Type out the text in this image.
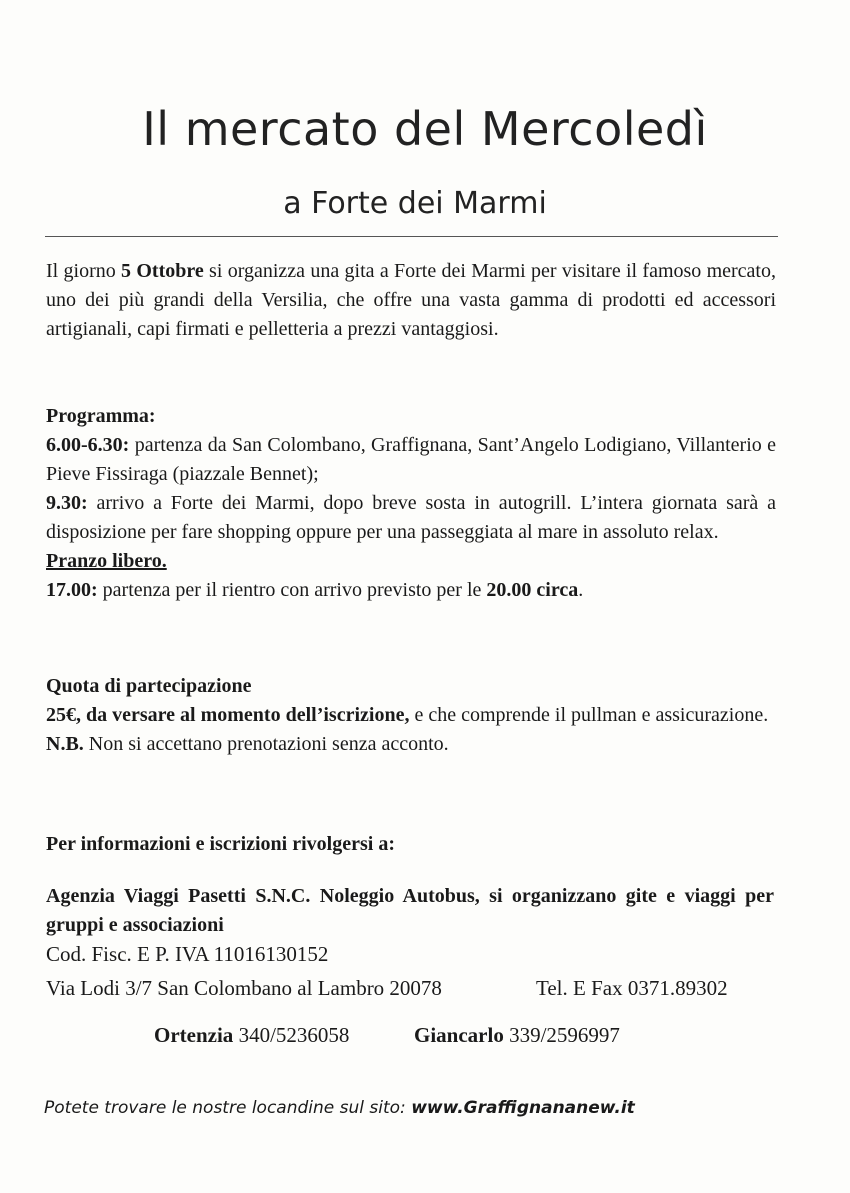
Il mercato del Mercoledì
a Forte dei Marmi
Il giorno 5 Ottobre si organizza una gita a Forte dei Marmi per visitare il famoso mercato, uno dei più grandi della Versilia, che offre una vasta gamma di prodotti ed accessori artigianali, capi firmati e pelletteria a prezzi vantaggiosi.
Programma:
6.00-6.30: partenza da San Colombano, Graffignana, Sant’Angelo Lodigiano, Villanterio e Pieve Fissiraga (piazzale Bennet);
9.30: arrivo a Forte dei Marmi, dopo breve sosta in autogrill. L’intera giornata sarà a disposizione per fare shopping oppure per una passeggiata al mare in assoluto relax.
Pranzo libero.
17.00: partenza per il rientro con arrivo previsto per le 20.00 circa.
Quota di partecipazione
25€, da versare al momento dell’iscrizione, e che comprende il pullman e assicurazione.
N.B. Non si accettano prenotazioni senza acconto.
Per informazioni e iscrizioni rivolgersi a:
Agenzia Viaggi Pasetti S.N.C. Noleggio Autobus, si organizzano gite e viaggi per gruppi e associazioni
Cod. Fisc. E P. IVA 11016130152
Via Lodi 3/7 San Colombano al Lambro 20078	Tel. E Fax 0371.89302
Ortenzia 340/5236058	Giancarlo 339/2596997
Potete trovare le nostre locandine sul sito: www.Graffignananew.it
